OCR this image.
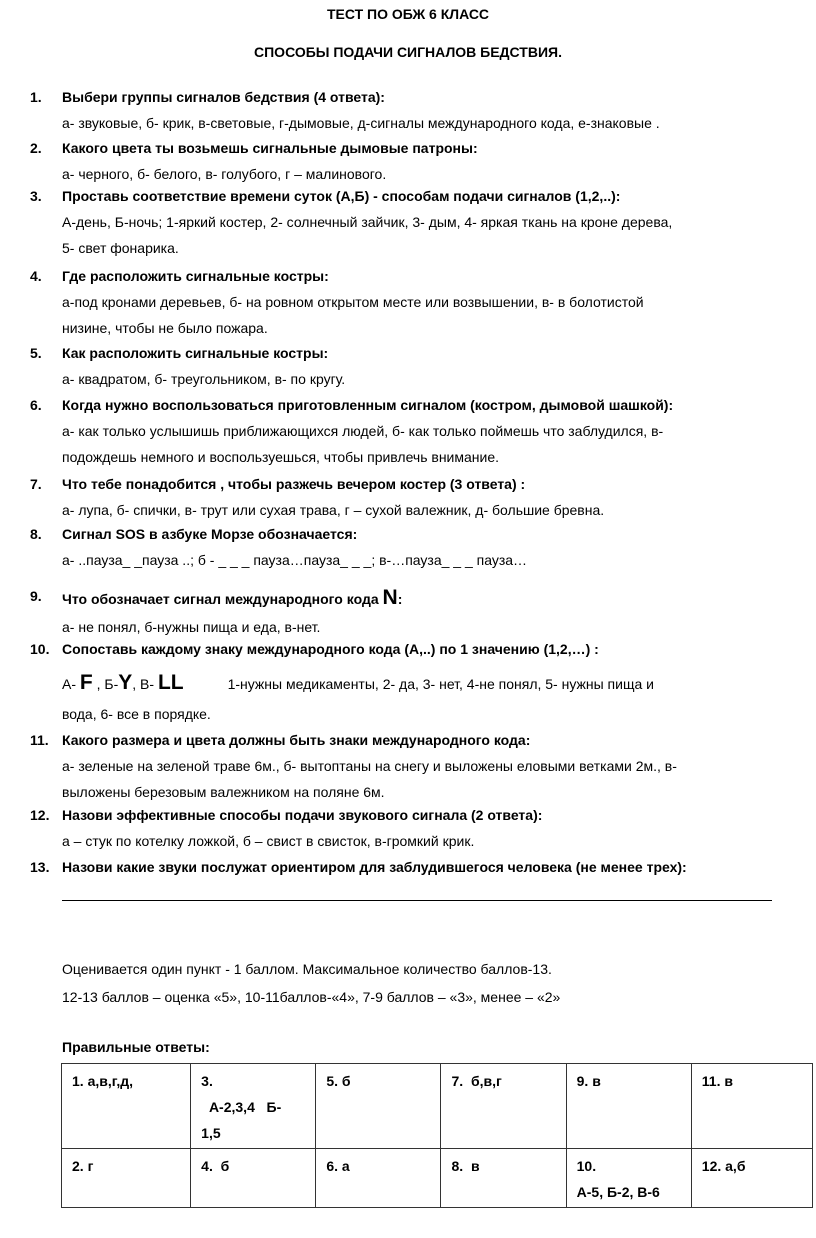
ТЕСТ ПО ОБЖ 6 КЛАСС
СПОСОБЫ ПОДАЧИ СИГНАЛОВ БЕДСТВИЯ.
1. Выбери группы сигналов бедствия (4 ответа):
а- звуковые, б- крик, в-световые, г-дымовые, д-сигналы международного кода, е-знаковые .
2. Какого цвета ты возьмешь сигнальные дымовые патроны:
а- черного, б- белого, в- голубого, г – малинового.
3. Проставь соответствие времени суток (А,Б) - способам подачи сигналов (1,2,..):
А-день, Б-ночь; 1-яркий костер, 2- солнечный зайчик, 3- дым, 4- яркая ткань на кроне дерева,
5- свет фонарика.
4. Где расположить сигнальные костры:
а-под кронами деревьев, б- на ровном открытом месте или возвышении, в- в болотистой
низине, чтобы не было пожара.
5. Как расположить сигнальные костры:
а- квадратом, б- треугольником, в- по кругу.
6. Когда нужно воспользоваться приготовленным сигналом (костром, дымовой шашкой):
а- как только услышишь приближающихся людей, б- как только поймешь что заблудился, в-
подождешь немного и воспользуешься, чтобы привлечь внимание.
7. Что тебе понадобится , чтобы разжечь вечером костер (3 ответа) :
а- лупа, б- спички, в- трут или сухая трава, г – сухой валежник, д- большие бревна.
8. Сигнал SOS в азбуке Морзе обозначается:
а- ..пауза_ _пауза ..; б - _ _ _ пауза…пауза_ _ _; в-…пауза_ _ _ пауза…
9. Что обозначает сигнал международного кода N:
а- не понял, б-нужны пища и еда, в-нет.
10. Сопоставь каждому знаку международного кода (А,..) по 1 значению (1,2,…) :
А- F , Б-Y, В- LL	1-нужны медикаменты, 2- да, 3- нет, 4-не понял, 5- нужны пища и
вода, 6- все в порядке.
11. Какого размера и цвета должны быть знаки международного кода:
а- зеленые на зеленой траве 6м., б- вытоптаны на снегу и выложены еловыми ветками 2м., в-
выложены березовым валежником на поляне 6м.
12. Назови эффективные способы подачи звукового сигнала (2 ответа):
а – стук по котелку ложкой, б – свист в свисток, в-громкий крик.
13. Назови какие звуки послужат ориентиром для заблудившегося человека (не менее трех):
Оценивается один пункт - 1 баллом. Максимальное количество баллов-13.
12-13 баллов – оценка «5», 10-11баллов-«4», 7-9 баллов – «3», менее – «2»
Правильные ответы:
1. а,в,г,д,	3.
А-2,3,4   Б-
1,5	5. б	7.  б,в,г	9. в	11. в

2. г	4.  б	6. а	8.  в	10.
А-5, Б-2, В-6	12. а,б
